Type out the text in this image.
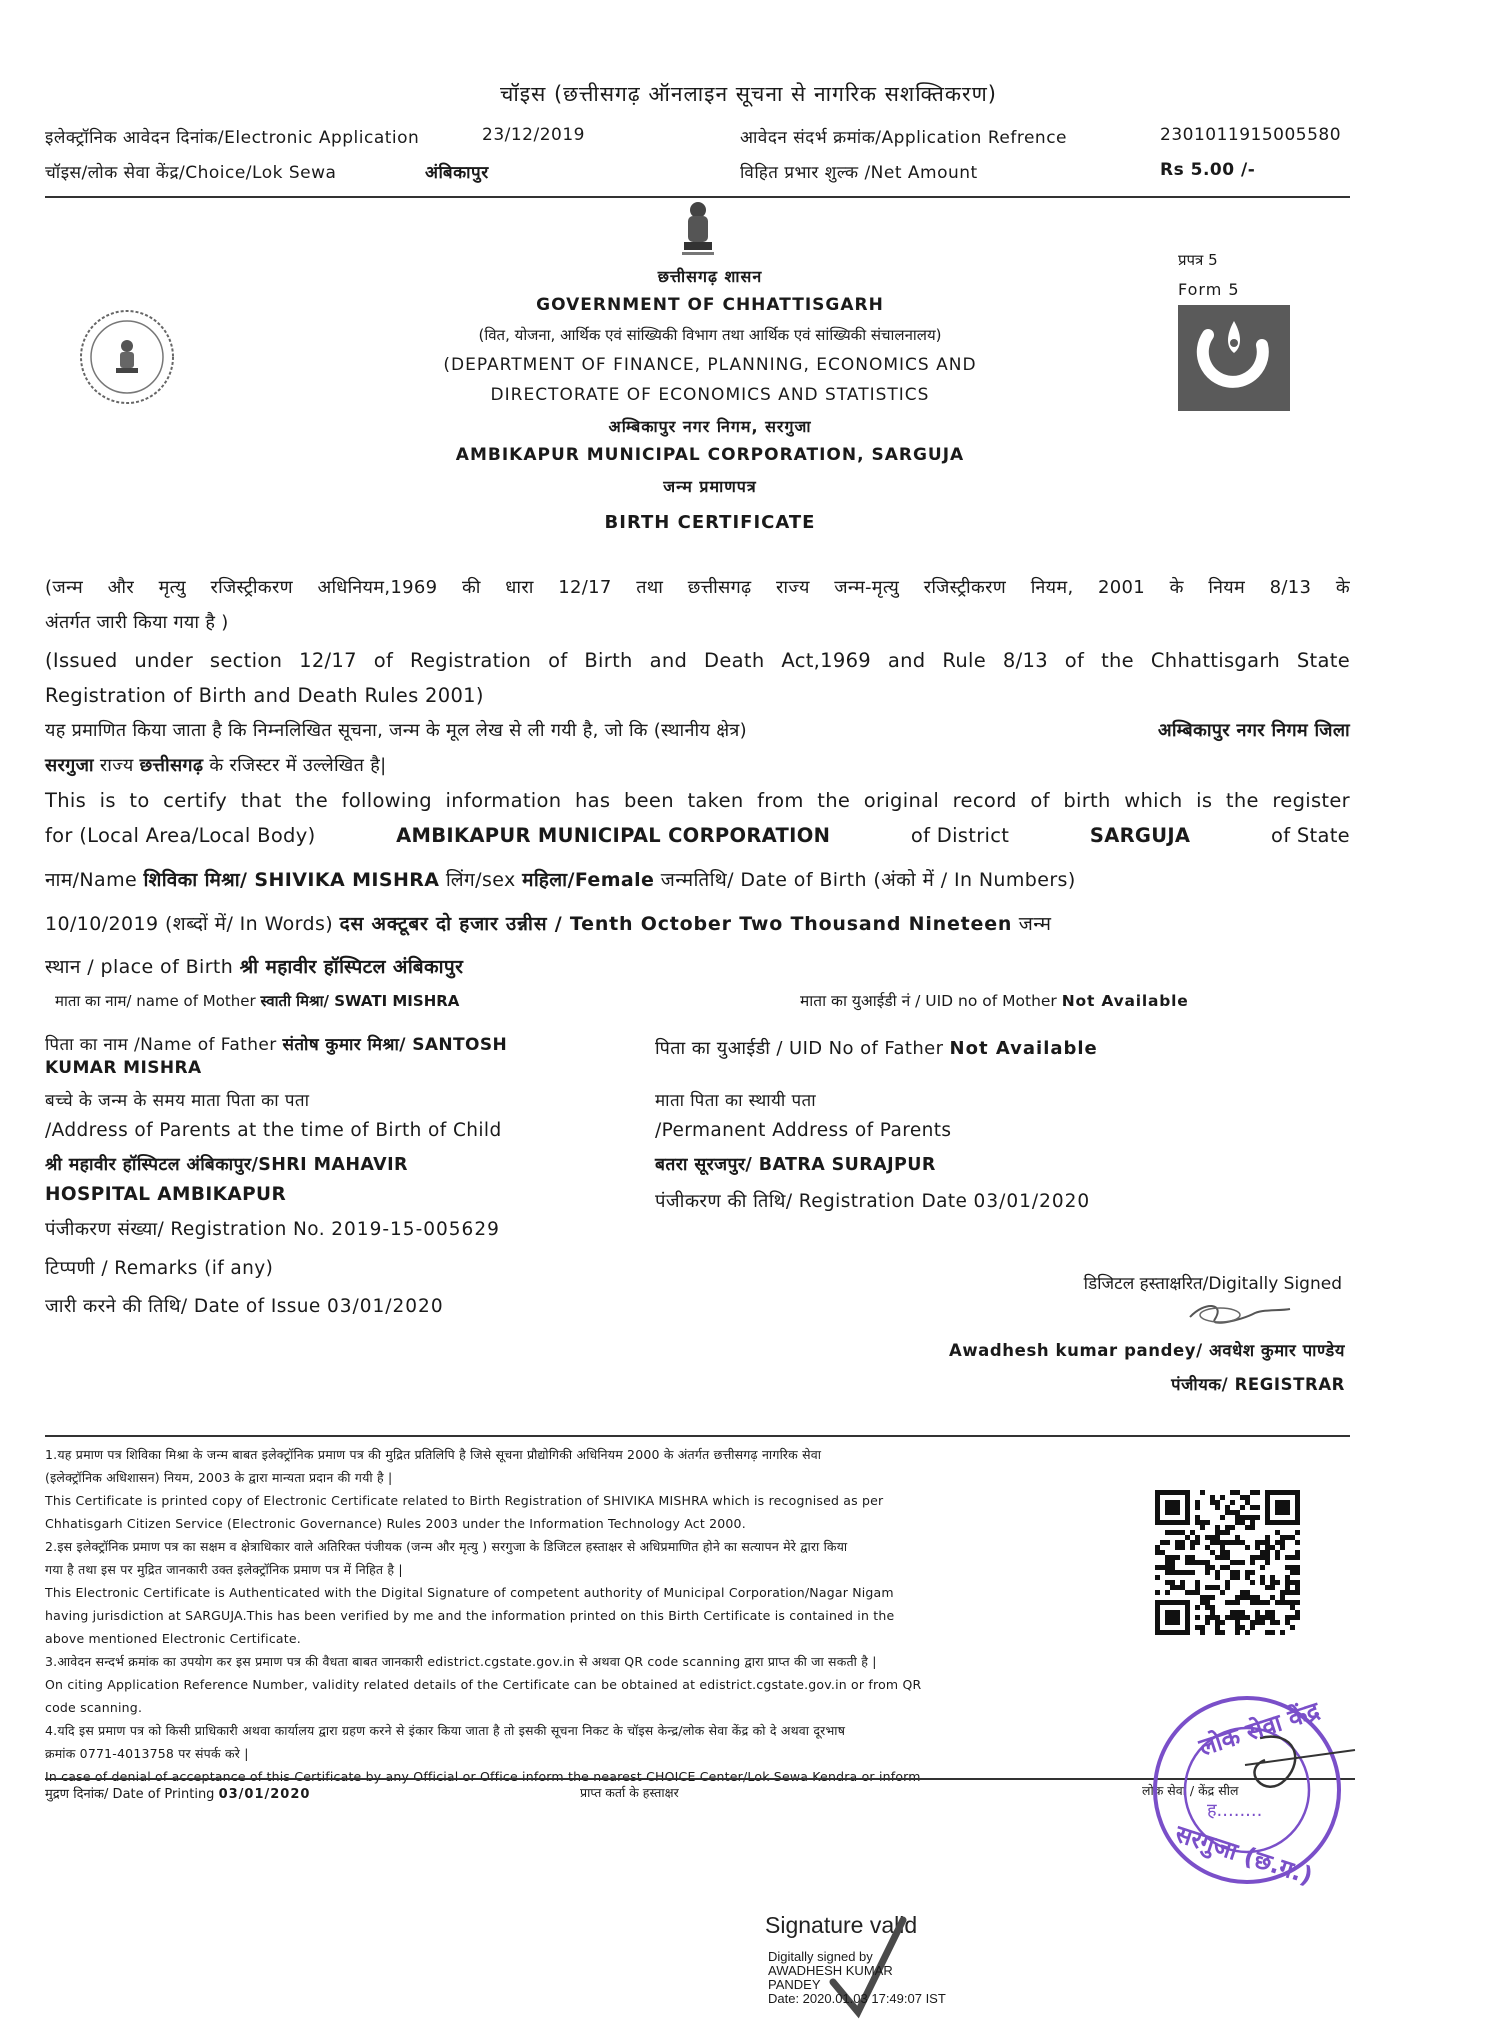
चॉइस (छत्तीसगढ़ ऑनलाइन सूचना से नागरिक सशक्तिकरण)
इलेक्ट्रॉनिक आवेदन दिनांक/Electronic Application	23/12/2019	आवेदन संदर्भ क्रमांक/Application Refrence	230101191500558​0
चॉइस/लोक सेवा केंद्र/Choice/Lok Sewa	अंबिकापुर	विहित प्रभार शुल्क /Net Amount	Rs 5.00 /-
प्रपत्र 5
Form 5
छत्तीसगढ़ शासन
GOVERNMENT OF CHHATTISGARH
(वित, योजना, आर्थिक एवं सांख्यिकी विभाग तथा आर्थिक एवं सांख्यिकी संचालनालय)
(DEPARTMENT OF FINANCE, PLANNING, ECONOMICS AND
DIRECTORATE OF ECONOMICS AND STATISTICS
अम्बिकापुर नगर निगम, सरगुजा
AMBIKAPUR MUNICIPAL CORPORATION, SARGUJA
जन्म प्रमाणपत्र
BIRTH CERTIFICATE
(जन्म और मृत्यु रजिस्ट्रीकरण अधिनियम,1969 की धारा 12/17 तथा छत्तीसगढ़ राज्य जन्म-मृत्यु रजिस्ट्रीकरण नियम, 2001 के नियम 8/13 के
अंतर्गत जारी किया गया है )
(Issued under section 12/17 of Registration of Birth and Death Act,1969 and Rule 8/13 of the Chhattisgarh State
Registration of Birth and Death Rules 2001)
यह प्रमाणित किया जाता है कि निम्नलिखित सूचना, जन्म के मूल लेख से ली गयी है, जो कि (स्थानीय क्षेत्र)	अम्बिकापुर नगर निगम जिला
सरगुजा राज्य छत्तीसगढ़ के रजिस्टर में उल्लेखित है|
This is to certify that the following information has been taken from the original record of birth which is the register
for (Local Area/Local Body)	AMBIKAPUR MUNICIPAL CORPORATION	of District	SARGUJA	of State
नाम/Name शिविका मिश्रा/ SHIVIKA MISHRA लिंग/sex महिला/Female जन्मतिथि/ Date of Birth (अंको में / In Numbers)
10/10/2019 (शब्दों में/ In Words) दस अक्टूबर दो हजार उन्नीस / Tenth October Two Thousand Nineteen जन्म
स्थान / place of Birth श्री महावीर हॉस्पिटल अंबिकापुर
माता का नाम/ name of Mother स्वाती मिश्रा/ SWATI MISHRA	माता का युआईडी नं / UID no of Mother Not Available
पिता का नाम /Name of Father संतोष कुमार मिश्रा/ SANTOSH
KUMAR MISHRA
पिता का युआईडी / UID No of Father Not Available
बच्चे के जन्म के समय माता पिता का पता
/Address of Parents at the time of Birth of Child
श्री महावीर हॉस्पिटल अंबिकापुर/SHRI MAHAVIR
HOSPITAL AMBIKAPUR
माता पिता का स्थायी पता
/Permanent Address of Parents
बतरा सूरजपुर/ BATRA SURAJPUR
पंजीकरण संख्या/ Registration No. 2019-15-005629
पंजीकरण की तिथि/ Registration Date 03/01/2020
टिप्पणी / Remarks (if any)
जारी करने की तिथि/ Date of Issue 03/01/2020
डिजिटल हस्ताक्षरित/Digitally Signed
Awadhesh kumar pandey/ अवधेश कुमार पाण्डेय
पंजीयक/ REGISTRAR
1.यह प्रमाण पत्र शिविका मिश्रा के जन्म बाबत इलेक्ट्रॉनिक प्रमाण पत्र की मुद्रित प्रतिलिपि है जिसे सूचना प्रौद्योगिकी अधिनियम 2000 के अंतर्गत छत्तीसगढ़ नागरिक सेवा
(इलेक्ट्रॉनिक अधिशासन) नियम, 2003 के द्वारा मान्यता प्रदान की गयी है |
This Certificate is printed copy of Electronic Certificate related to Birth Registration of SHIVIKA MISHRA which is recognised as per
Chhatisgarh Citizen Service (Electronic Governance) Rules 2003 under the Information Technology Act 2000.
2.इस इलेक्ट्रॉनिक प्रमाण पत्र का सक्षम व क्षेत्राधिकार वाले अतिरिक्त पंजीयक (जन्म और मृत्यु ) सरगुजा के डिजिटल हस्ताक्षर से अधिप्रमाणित होने का सत्यापन मेरे द्वारा किया
गया है तथा इस पर मुद्रित जानकारी उक्त इलेक्ट्रॉनिक प्रमाण पत्र में निहित है |
This Electronic Certificate is Authenticated with the Digital Signature of competent authority of Municipal Corporation/Nagar Nigam
having jurisdiction at SARGUJA.This has been verified by me and the information printed on this Birth Certificate is contained in the
above mentioned Electronic Certificate.
3.आवेदन सन्दर्भ क्रमांक का उपयोग कर इस प्रमाण पत्र की वैधता बाबत जानकारी edistrict.cgstate.gov.in से अथवा QR code scanning द्वारा प्राप्त की जा सकती है |
On citing Application Reference Number, validity related details of the Certificate can be obtained at edistrict.cgstate.gov.in or from QR
code scanning.
4.यदि इस प्रमाण पत्र को किसी प्राधिकारी अथवा कार्यालय द्वारा ग्रहण करने से इंकार किया जाता है तो इसकी सूचना निकट के चॉइस केन्द्र/लोक सेवा केंद्र को दे अथवा दूरभाष
क्रमांक 0771-4013758 पर संपर्क करे |
In case of denial of acceptance of this Certificate by any Official or Office inform the nearest CHOICE Center/Lok Sewa Kendra or inform
मुद्रण दिनांक/ Date of Printing 03/01/2020	प्राप्त कर्ता के हस्ताक्षर	लोक सेवा / केंद्र सील
लोक सेवा केंद्र
ह........
सरगुजा (छ.ग.)
Signature valid
Digitally signed by
AWADHESH KUMAR
PANDEY
Date: 2020.01.03 17:49:07 IST
